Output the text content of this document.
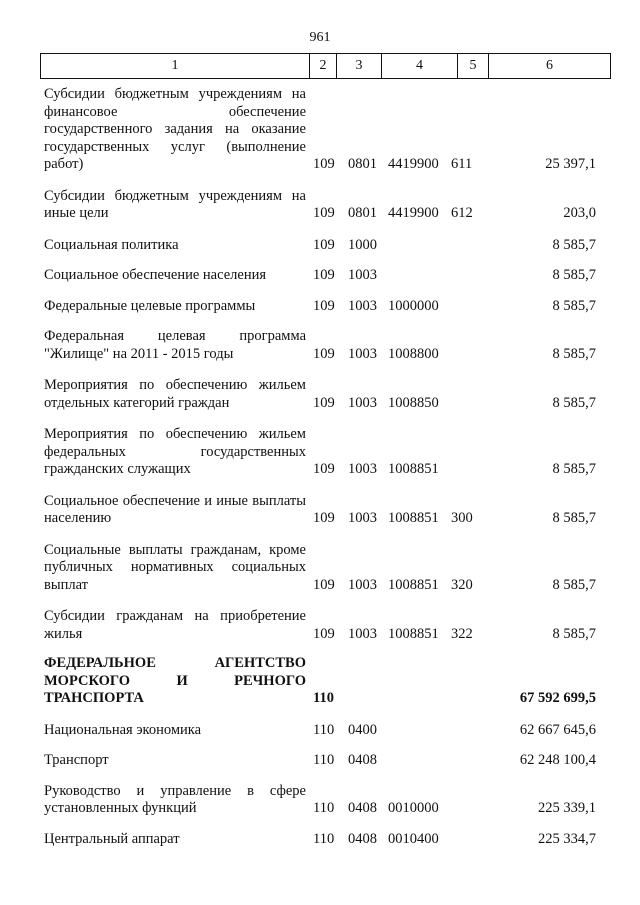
961
1	2	3	4	5	6
Субсидии бюджетным учреждениям на финансовое обеспечение государственного задания на оказание государственных услуг (выполнение работ)	109 0801 4419900 611	25 397,1
Субсидии бюджетным учреждениям на иные цели	109 0801 4419900 612	203,0
Социальная политика	109 1000	8 585,7
Социальное обеспечение населения	109 1003	8 585,7
Федеральные целевые программы	109 1003 1000000	8 585,7
Федеральная целевая программа "Жилище" на 2011 - 2015 годы	109 1003 1008800	8 585,7
Мероприятия по обеспечению жильем отдельных категорий граждан	109 1003 1008850	8 585,7
Мероприятия по обеспечению жильем федеральных государственных гражданских служащих	109 1003 1008851	8 585,7
Социальное обеспечение и иные выплаты населению	109 1003 1008851 300	8 585,7
Социальные выплаты гражданам, кроме публичных нормативных социальных выплат	109 1003 1008851 320	8 585,7
Субсидии гражданам на приобретение жилья	109 1003 1008851 322	8 585,7
ФЕДЕРАЛЬНОЕ АГЕНТСТВО МОРСКОГО И РЕЧНОГО ТРАНСПОРТА	110	67 592 699,5
Национальная экономика	110 0400	62 667 645,6
Транспорт	110 0408	62 248 100,4
Руководство и управление в сфере установленных функций	110 0408 0010000	225 339,1
Центральный аппарат	110 0408 0010400	225 334,7
